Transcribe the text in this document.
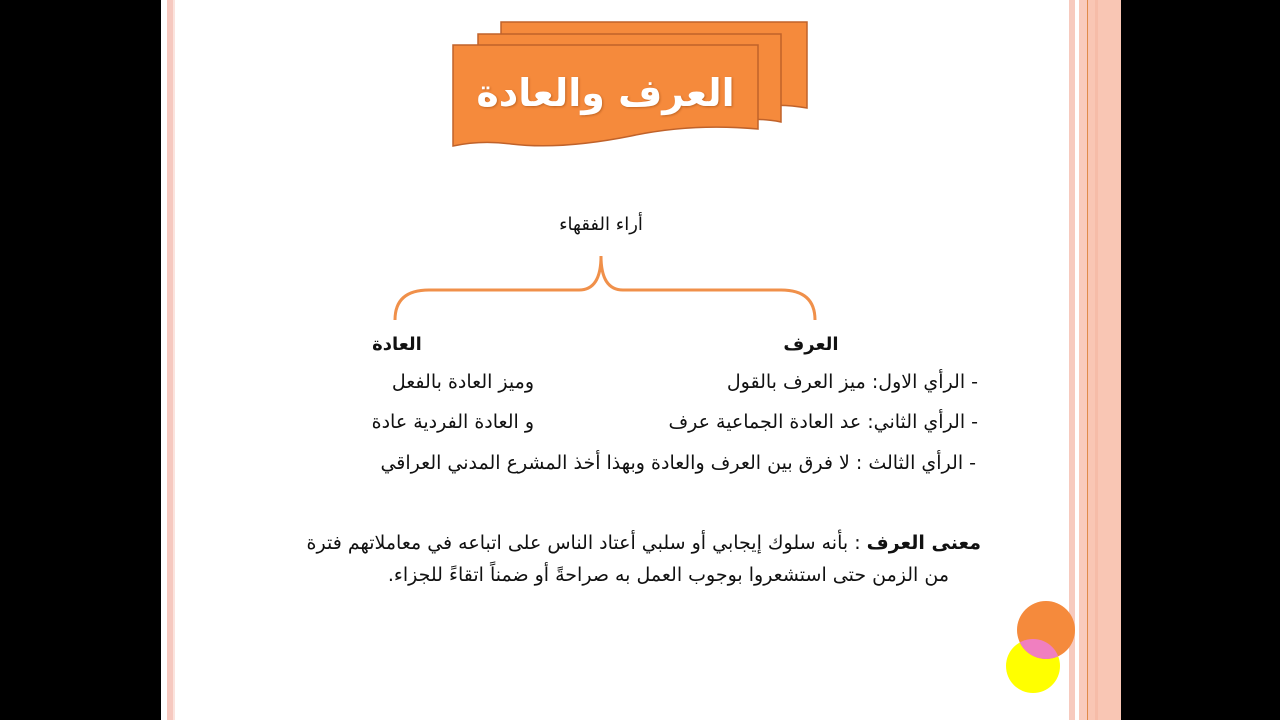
العرف والعادة
أراء الفقهاء
العرف
العادة
- الرأي الاول: ميز العرف بالقول
وميز العادة بالفعل
- الرأي الثاني: عد العادة الجماعية عرف
و العادة الفردية عادة
- الرأي الثالث : لا فرق بين العرف والعادة وبهذا أخذ المشرع المدني العراقي
معنى العرف : بأنه سلوك إيجابي أو سلبي أعتاد الناس على اتباعه في معاملاتهم فترة
من الزمن حتى استشعروا بوجوب العمل به صراحةً أو ضمناً اتقاءً للجزاء.
